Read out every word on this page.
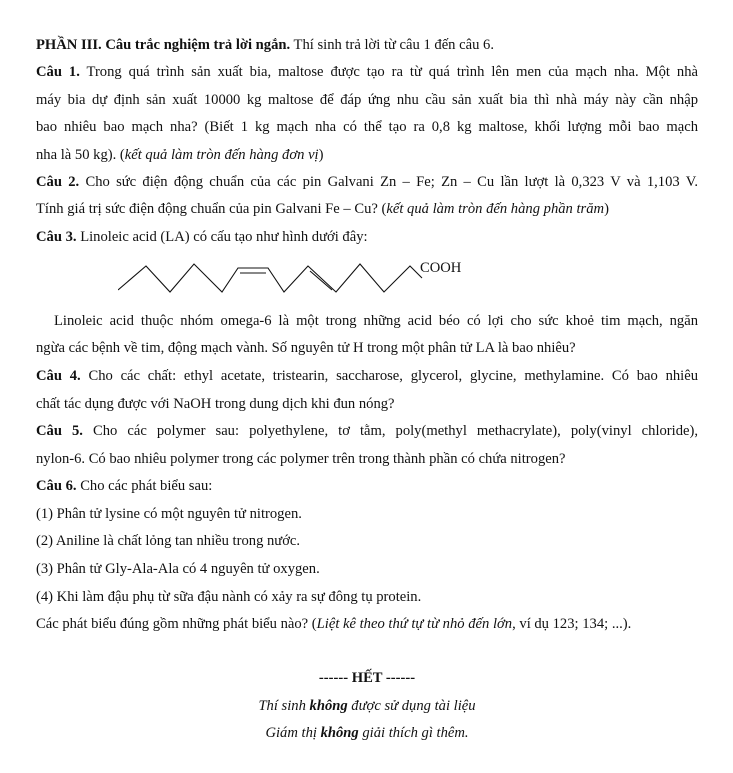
PHẦN III. Câu trắc nghiệm trả lời ngắn. Thí sinh trả lời từ câu 1 đến câu 6.
Câu 1. Trong quá trình sản xuất bia, maltose được tạo ra từ quá trình lên men của mạch nha. Một nhà
máy bia dự định sản xuất 10000 kg maltose để đáp ứng nhu cầu sản xuất bia thì nhà máy này cần nhập
bao nhiêu bao mạch nha? (Biết 1 kg mạch nha có thể tạo ra 0,8 kg maltose, khối lượng mỗi bao mạch
nha là 50 kg). (kết quả làm tròn đến hàng đơn vị)
Câu 2. Cho sức điện động chuẩn của các pin Galvani Zn – Fe; Zn – Cu lần lượt là 0,323 V và 1,103 V.
Tính giá trị sức điện động chuẩn của pin Galvani Fe – Cu? (kết quả làm tròn đến hàng phần trăm)
Câu 3. Linoleic acid (LA) có cấu tạo như hình dưới đây:
COOH
Linoleic acid thuộc nhóm omega-6 là một trong những acid béo có lợi cho sức khoẻ tim mạch, ngăn
ngừa các bệnh về tim, động mạch vành. Số nguyên tử H trong một phân tử LA là bao nhiêu?
Câu 4. Cho các chất: ethyl acetate, tristearin, saccharose, glycerol, glycine, methylamine. Có bao nhiêu
chất tác dụng được với NaOH trong dung dịch khi đun nóng?
Câu 5. Cho các polymer sau: polyethylene, tơ tằm, poly(methyl methacrylate), poly(vinyl chloride),
nylon-6. Có bao nhiêu polymer trong các polymer trên trong thành phần có chứa nitrogen?
Câu 6. Cho các phát biểu sau:
(1) Phân tử lysine có một nguyên tử nitrogen.
(2) Aniline là chất lỏng tan nhiều trong nước.
(3) Phân tử Gly-Ala-Ala có 4 nguyên tử oxygen.
(4) Khi làm đậu phụ từ sữa đậu nành có xảy ra sự đông tụ protein.
Các phát biểu đúng gồm những phát biểu nào? (Liệt kê theo thứ tự từ nhỏ đến lớn, ví dụ 123; 134; ...).
------ HẾT ------
Thí sinh không được sử dụng tài liệu
Giám thị không giải thích gì thêm.
